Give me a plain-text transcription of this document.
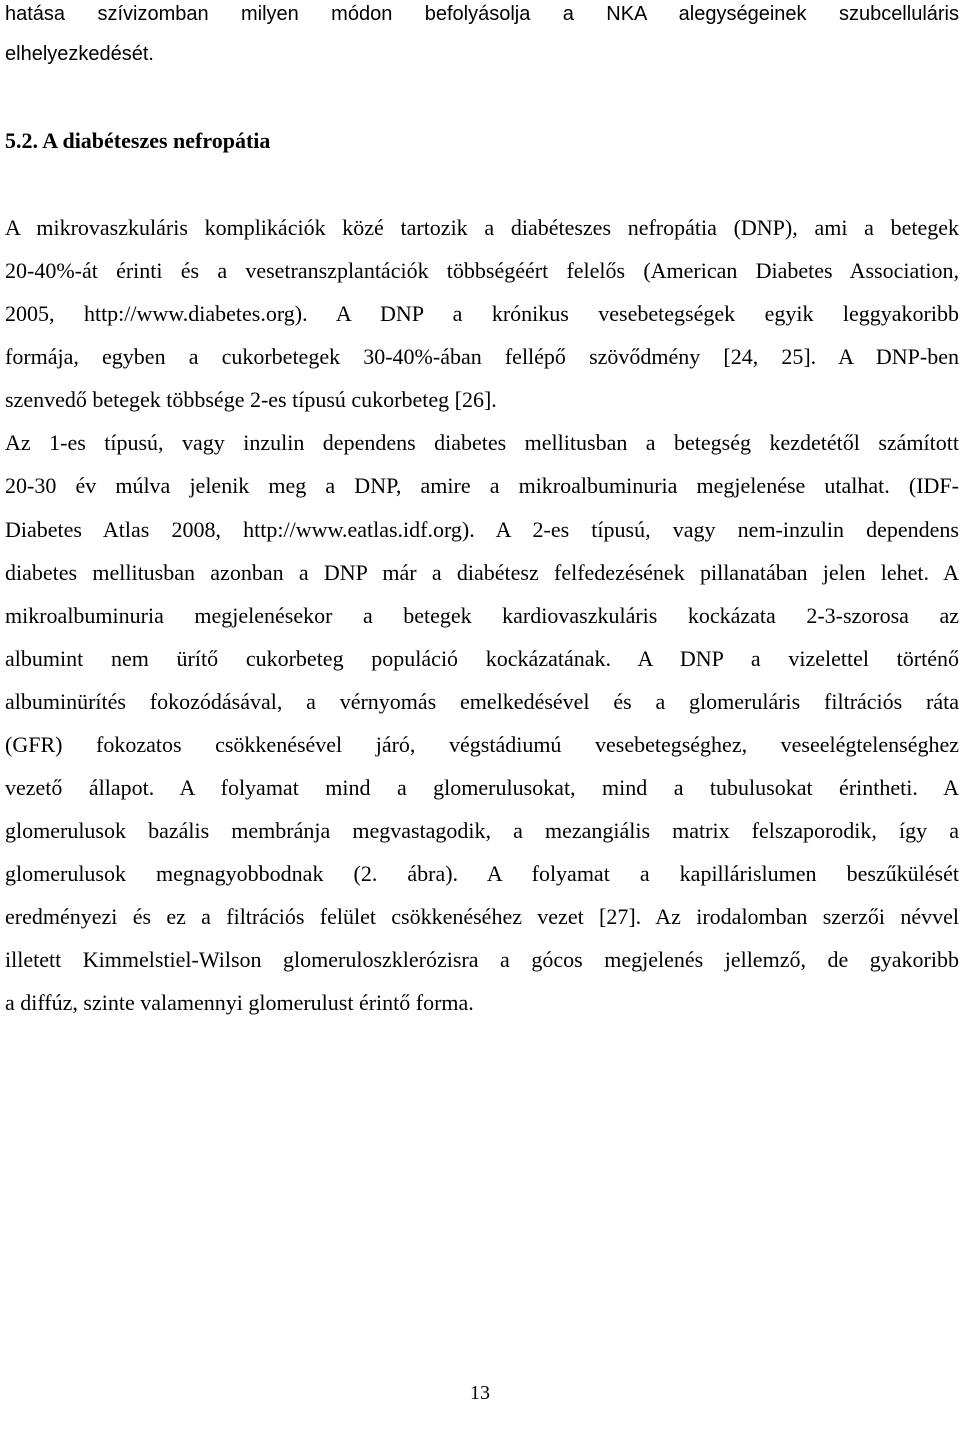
hatása szívizomban milyen módon befolyásolja a NKA alegységeinek szubcelluláris
elhelyezkedését.
5.2. A diabéteszes nefropátia
A mikrovaszkuláris komplikációk közé tartozik a diabéteszes nefropátia (DNP), ami a betegek
20-40%-át érinti és a vesetranszplantációk többségéért felelős (American Diabetes Association,
2005, http://www.diabetes.org). A DNP a krónikus vesebetegségek egyik leggyakoribb
formája, egyben a cukorbetegek 30-40%-ában fellépő szövődmény [24, 25]. A DNP-ben
szenvedő betegek többsége 2-es típusú cukorbeteg [26].
Az 1-es típusú, vagy inzulin dependens diabetes mellitusban a betegség kezdetétől számított
20-30 év múlva jelenik meg a DNP, amire a mikroalbuminuria megjelenése utalhat. (IDF-
Diabetes Atlas 2008, http://www.eatlas.idf.org). A 2-es típusú, vagy nem-inzulin dependens
diabetes mellitusban azonban a DNP már a diabétesz felfedezésének pillanatában jelen lehet. A
mikroalbuminuria megjelenésekor a betegek kardiovaszkuláris kockázata 2-3-szorosa az
albumint nem ürítő cukorbeteg populáció kockázatának. A DNP a vizelettel történő
albuminürítés fokozódásával, a vérnyomás emelkedésével és a glomeruláris filtrációs ráta
(GFR) fokozatos csökkenésével járó, végstádiumú vesebetegséghez, veseelégtelenséghez
vezető állapot. A folyamat mind a glomerulusokat, mind a tubulusokat érintheti. A
glomerulusok bazális membránja megvastagodik, a mezangiális matrix felszaporodik, így a
glomerulusok megnagyobbodnak (2. ábra). A folyamat a kapillárislumen beszűkülését
eredményezi és ez a filtrációs felület csökkenéséhez vezet [27]. Az irodalomban szerzői névvel
illetett Kimmelstiel-Wilson glomeruloszklerózisra a gócos megjelenés jellemző, de gyakoribb
a diffúz, szinte valamennyi glomerulust érintő forma.
13
